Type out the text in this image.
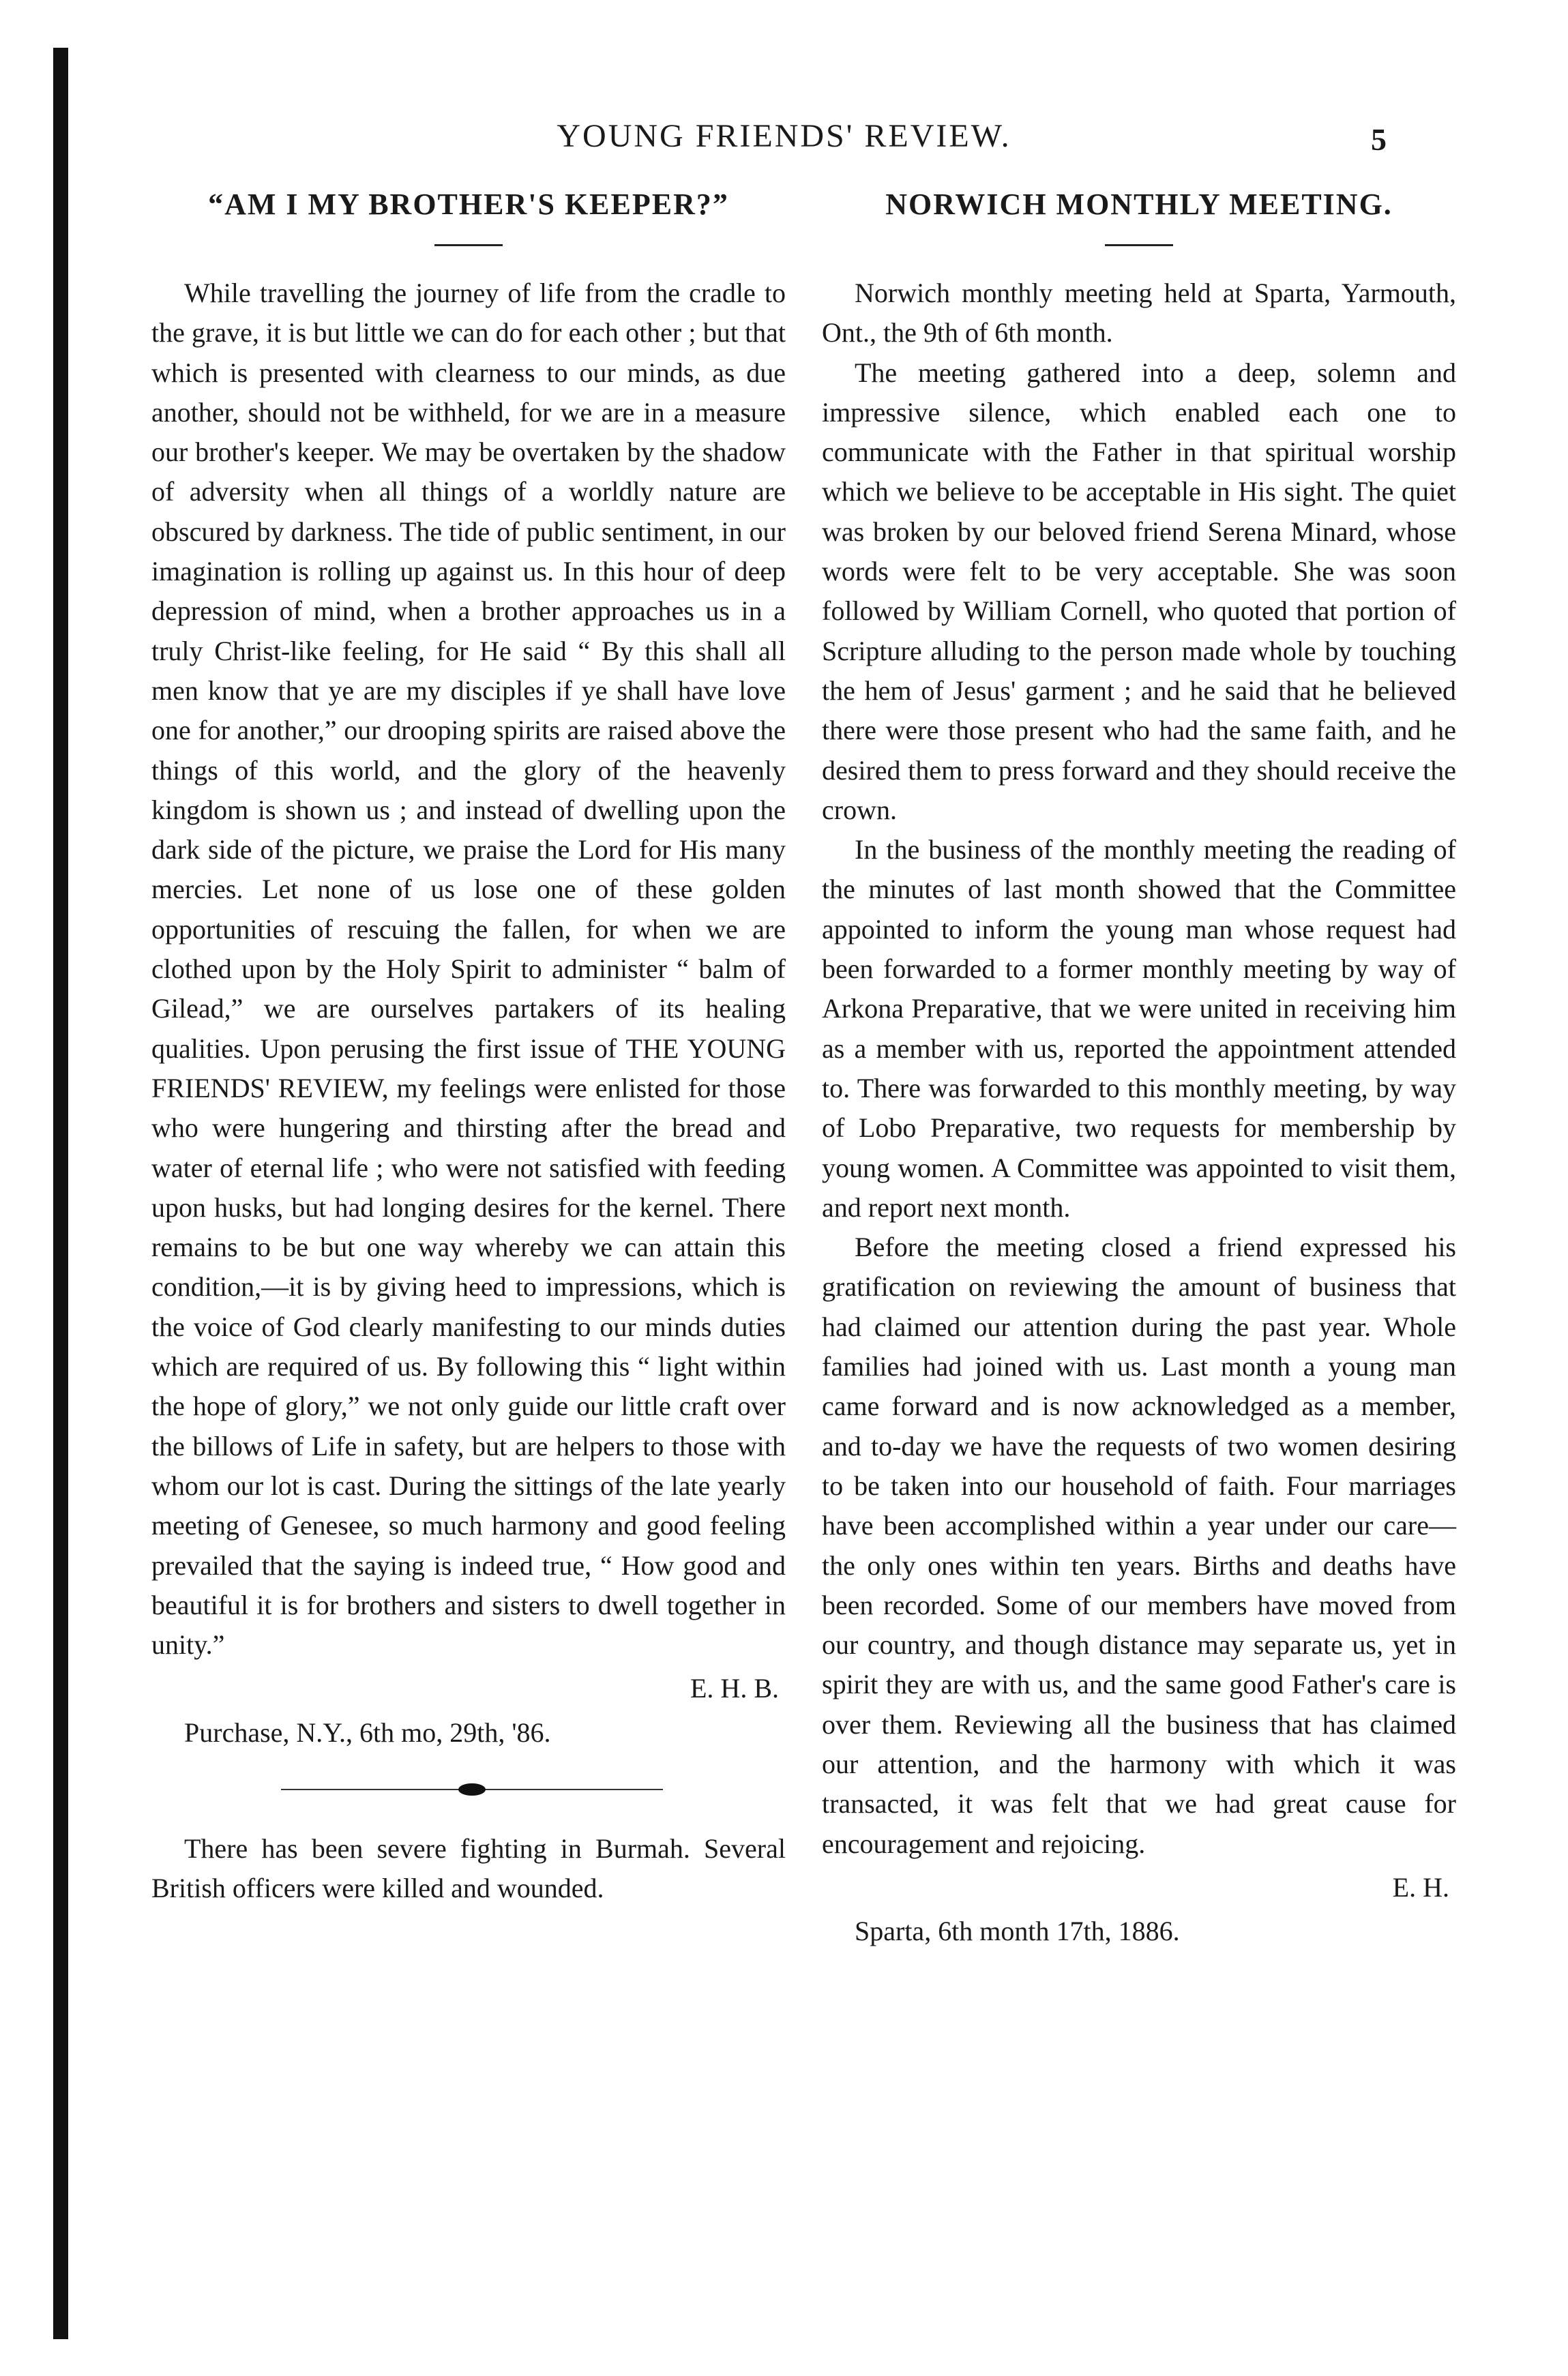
YOUNG FRIENDS' REVIEW.	5
“AM I MY BROTHER'S KEEPER?”

While travelling the journey of life from the cradle to the grave, it is but little we can do for each other ; but that which is presented with clearness to our minds, as due another, should not be withheld, for we are in a measure our brother's keeper. We may be overtaken by the shadow of adversity when all things of a worldly nature are obscured by darkness. The tide of public sentiment, in our imagination is rolling up against us. In this hour of deep depression of mind, when a brother approaches us in a truly Christ-like feeling, for He said “ By this shall all men know that ye are my disciples if ye shall have love one for another,” our drooping spirits are raised above the things of this world, and the glory of the heavenly kingdom is shown us ; and instead of dwelling upon the dark side of the picture, we praise the Lord for His many mercies. Let none of us lose one of these golden opportunities of rescuing the fallen, for when we are clothed upon by the Holy Spirit to administer “ balm of Gilead,” we are ourselves partakers of its healing qualities. Upon perusing the first issue of THE YOUNG FRIENDS' REVIEW, my feelings were enlisted for those who were hungering and thirsting after the bread and water of eternal life ; who were not satisfied with feeding upon husks, but had longing desires for the kernel. There remains to be but one way whereby we can attain this condition,—it is by giving heed to impressions, which is the voice of God clearly manifesting to our minds duties which are required of us. By following this “ light within the hope of glory,” we not only guide our little craft over the billows of Life in safety, but are helpers to those with whom our lot is cast. During the sittings of the late yearly meeting of Genesee, so much harmony and good feeling prevailed that the saying is indeed true, “ How good and beautiful it is for brothers and sisters to dwell together in unity.”

E. H. B.
Purchase, N.Y., 6th mo, 29th, '86.

There has been severe fighting in Burmah. Several British officers were killed and wounded.

NORWICH MONTHLY MEETING.

Norwich monthly meeting held at Sparta, Yarmouth, Ont., the 9th of 6th month.

The meeting gathered into a deep, solemn and impressive silence, which enabled each one to communicate with the Father in that spiritual worship which we believe to be acceptable in His sight. The quiet was broken by our beloved friend Serena Minard, whose words were felt to be very acceptable. She was soon followed by William Cornell, who quoted that portion of Scripture alluding to the person made whole by touching the hem of Jesus' garment ; and he said that he believed there were those present who had the same faith, and he desired them to press forward and they should receive the crown.

In the business of the monthly meeting the reading of the minutes of last month showed that the Committee appointed to inform the young man whose request had been forwarded to a former monthly meeting by way of Arkona Preparative, that we were united in receiving him as a member with us, reported the appointment attended to. There was forwarded to this monthly meeting, by way of Lobo Preparative, two requests for membership by young women. A Committee was appointed to visit them, and report next month.

Before the meeting closed a friend expressed his gratification on reviewing the amount of business that had claimed our attention during the past year. Whole families had joined with us. Last month a young man came forward and is now acknowledged as a member, and to-day we have the requests of two women desiring to be taken into our household of faith. Four marriages have been accomplished within a year under our care—the only ones within ten years. Births and deaths have been recorded. Some of our members have moved from our country, and though distance may separate us, yet in spirit they are with us, and the same good Father's care is over them. Reviewing all the business that has claimed our attention, and the harmony with which it was transacted, it was felt that we had great cause for encouragement and rejoicing.

E. H.
Sparta, 6th month 17th, 1886.
